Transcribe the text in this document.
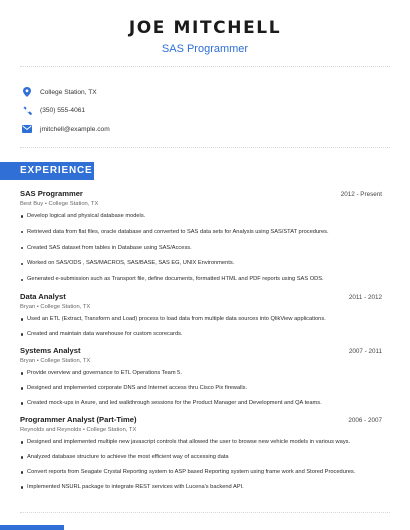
JOE MITCHELL
SAS Programmer
College Station, TX
(350) 555-4061
jmitchell@example.com
EXPERIENCE
SAS Programmer	2012 - Present
Best Buy • College Station, TX
Develop logical and physical database models.
Retrieved data from flat files, oracle database and converted to SAS data sets for Analysis using SAS/STAT procedures.
Created SAS dataset from tables in Database using SAS/Access.
Worked on SAS/ODS , SAS/MACROS, SAS/BASE, SAS EG, UNIX Environments.
Generated e-submission such as Transport file, define documents, formatted HTML and PDF reports using SAS ODS.
Data Analyst	2011 - 2012
Bryan • College Station, TX
Used an ETL (Extract, Transform and Load) process to load data from multiple data sources into QlikView applications.
Created and maintain data warehouse for custom scorecards.
Systems Analyst	2007 - 2011
Bryan • College Station, TX
Provide overview and governance to ETL Operations Team 5.
Designed and implemented corporate DNS and Internet access thru Cisco Pix firewalls.
Created mock-ups in Axure, and led walkthrough sessions for the Product Manager and Development and QA teams.
Programmer Analyst (Part-Time)	2006 - 2007
Reynolds and Reynolds • College Station, TX
Designed and implemented multiple new javascript controls that allowed the user to browse new vehicle models in various ways.
Analyzed database structure to achieve the most efficient way of accessing data
Convert reports from Seagate Crystal Reporting system to ASP based Reporting system using frame work and Stored Procedures.
Implemented NSURL package to integrate REST services with Lucena's backend API.
